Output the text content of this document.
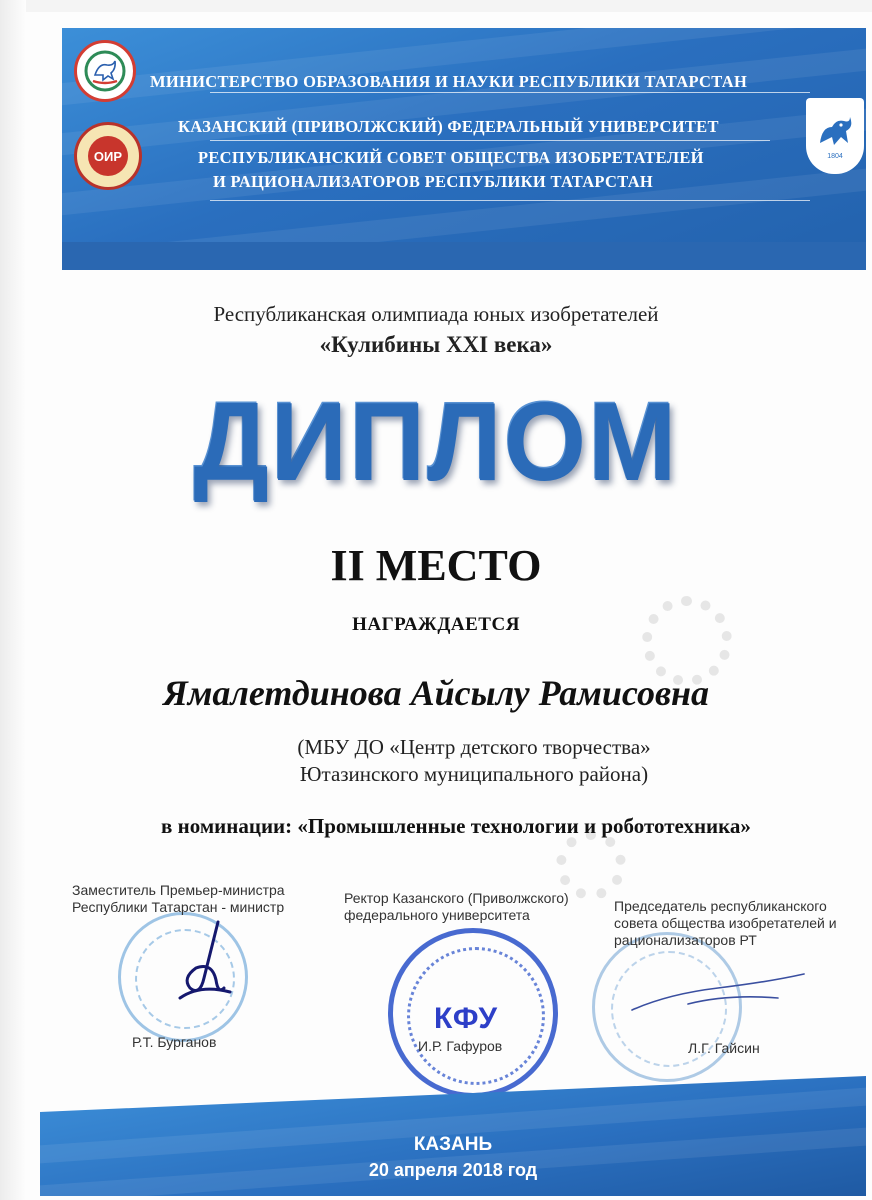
ОИР
МИНИСТЕРСТВО ОБРАЗОВАНИЯ И НАУКИ РЕСПУБЛИКИ ТАТАРСТАН
КАЗАНСКИЙ (ПРИВОЛЖСКИЙ) ФЕДЕРАЛЬНЫЙ УНИВЕРСИТЕТ
РЕСПУБЛИКАНСКИЙ СОВЕТ ОБЩЕСТВА ИЗОБРЕТАТЕЛЕЙ
И РАЦИОНАЛИЗАТОРОВ РЕСПУБЛИКИ ТАТАРСТАН
1804
Республиканская олимпиада юных изобретателей
«Кулибины XXI века»
ДИПЛОМ
II МЕСТО
НАГРАЖДАЕТСЯ
Ямалетдинова Айсылу Рамисовна
(МБУ ДО «Центр детского творчества»
Ютазинского муниципального района)
в номинации: «Промышленные технологии и робототехника»
КФУ
Заместитель Премьер-министра
Республики Татарстан - министр
Ректор Казанского (Приволжского)
федерального университета
Председатель республиканского
совета общества изобретателей и
рационализаторов РТ
Р.Т. Бурганов	И.Р. Гафуров	Л.Г. Гайсин
КАЗАНЬ
20 апреля 2018 год
